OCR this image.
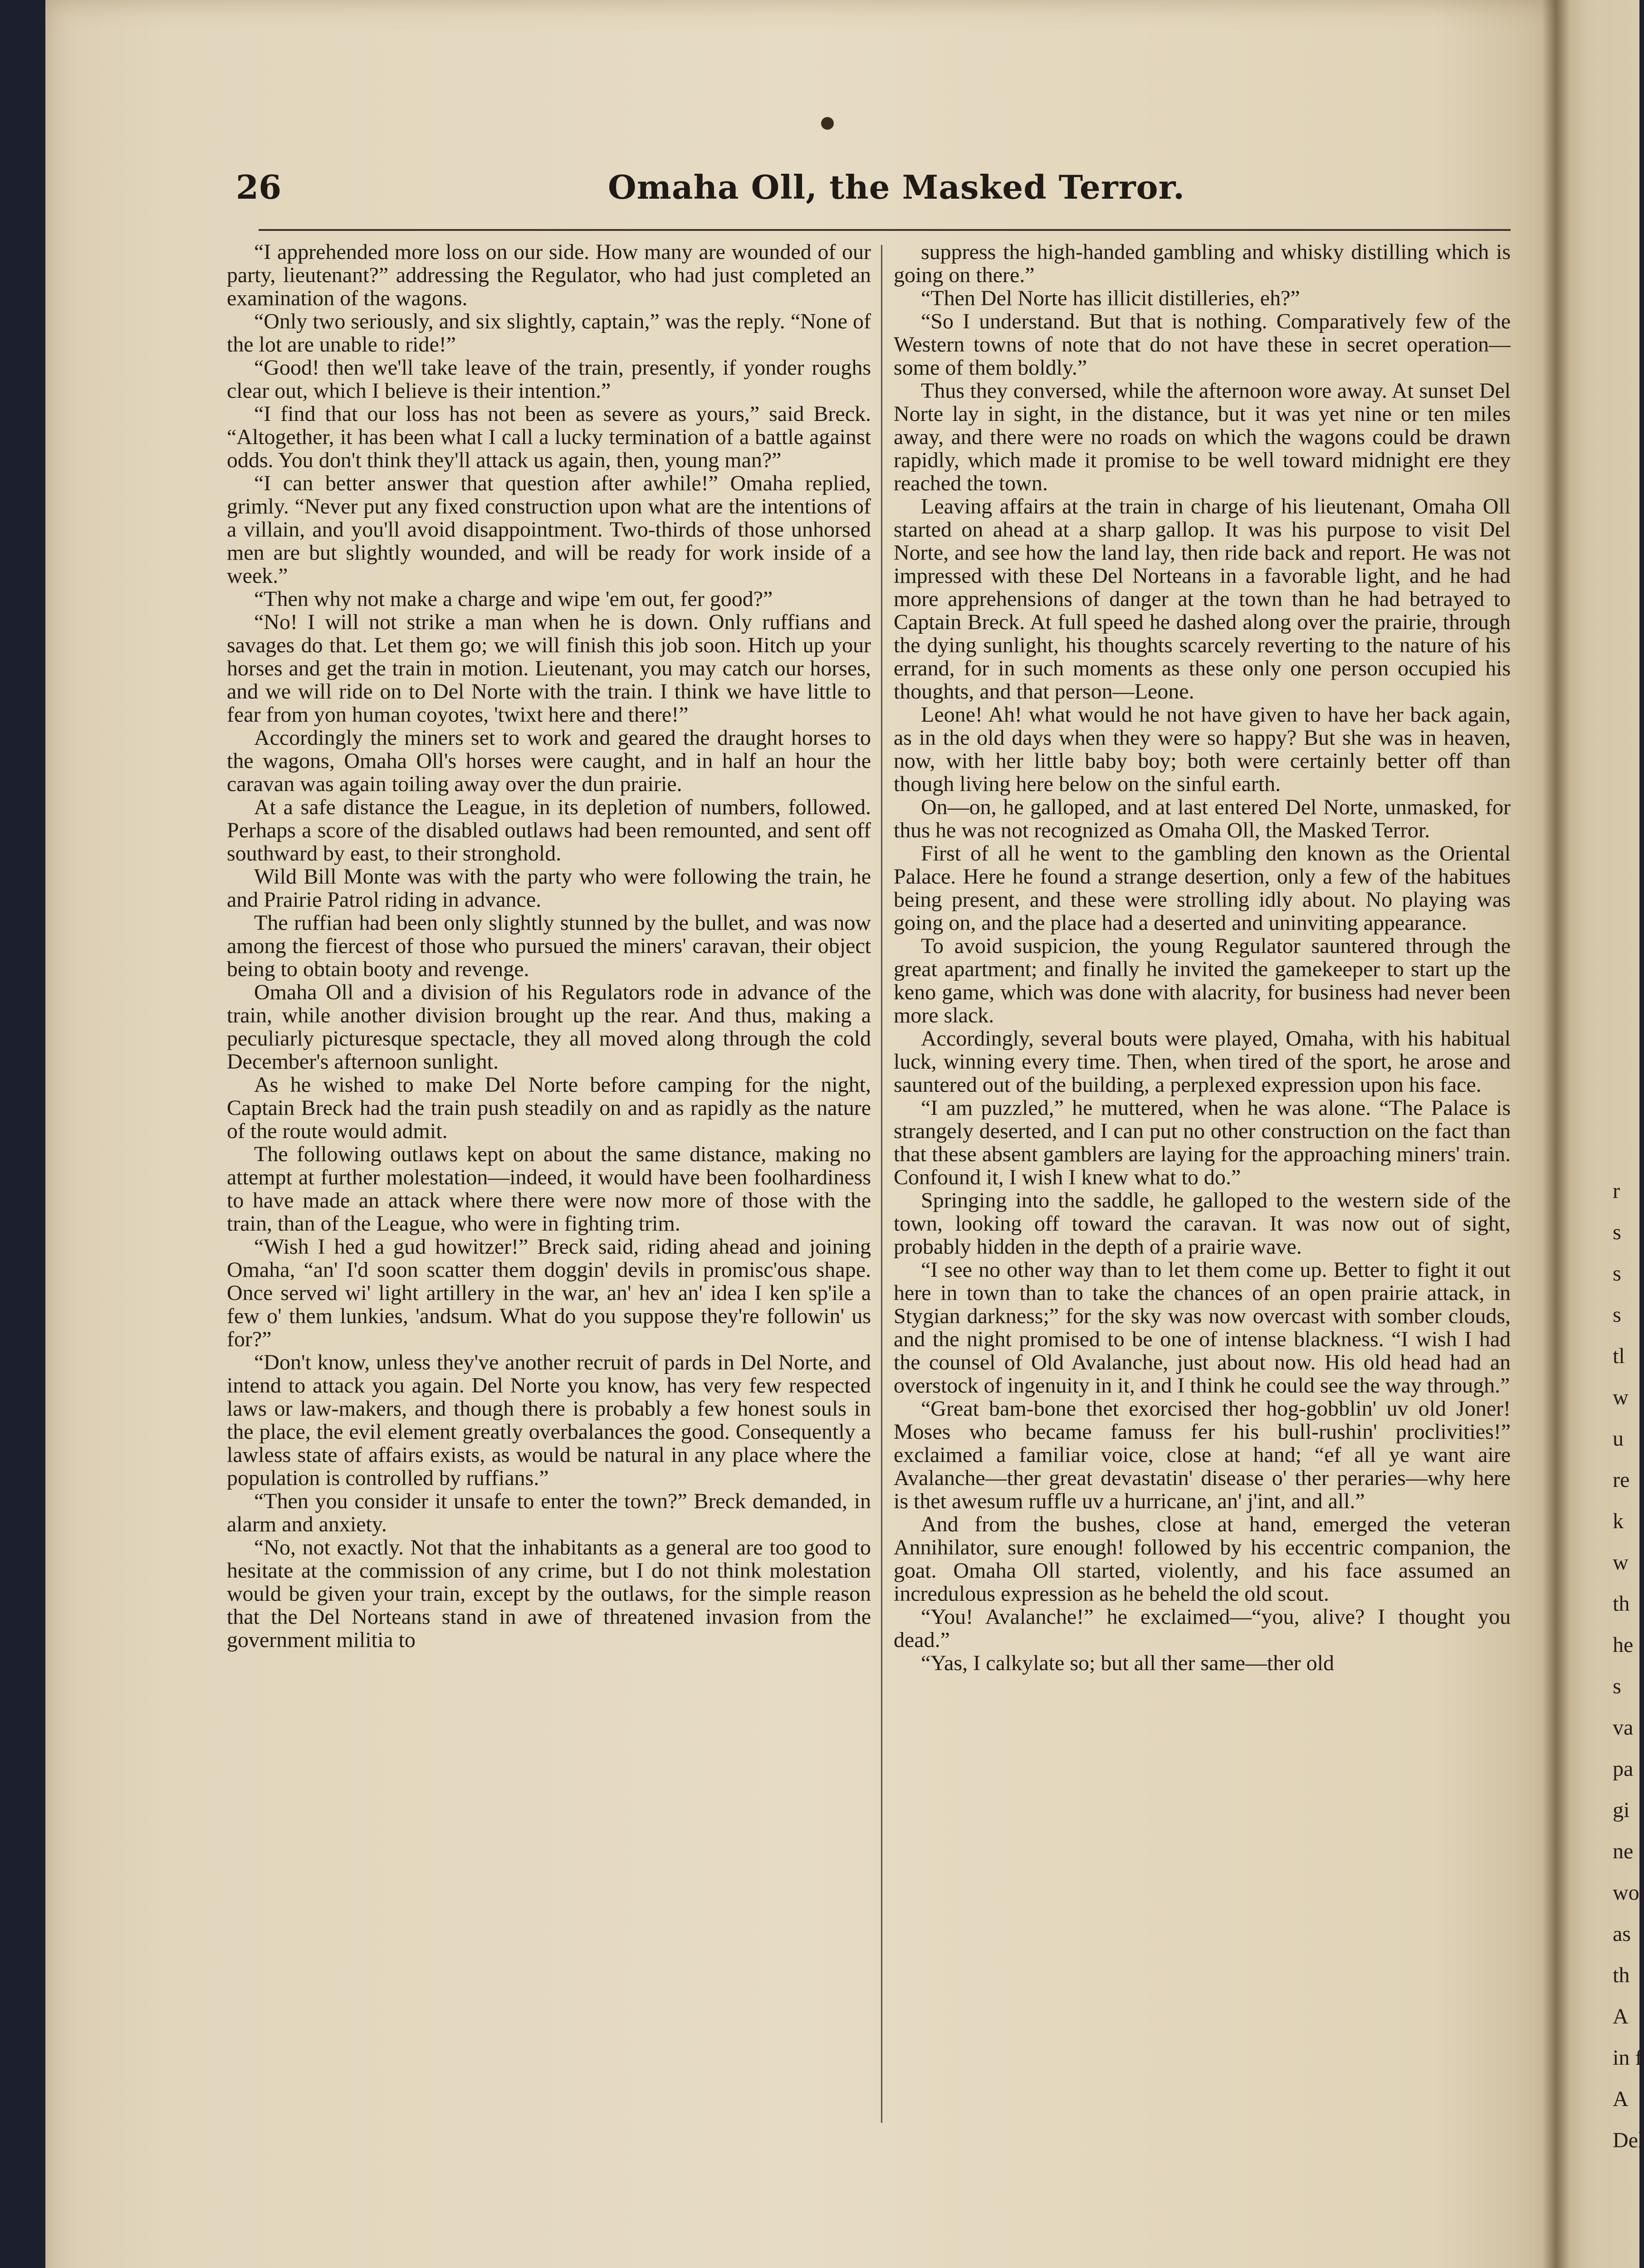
26	Omaha Oll, the Masked Terror.

“I apprehended more loss on our side. How many are wounded of our party, lieutenant?” addressing the Regulator, who had just completed an examination of the wagons.

“Only two seriously, and six slightly, captain,” was the reply. “None of the lot are unable to ride!”

“Good! then we'll take leave of the train, presently, if yonder roughs clear out, which I believe is their intention.”

“I find that our loss has not been as severe as yours,” said Breck. “Altogether, it has been what I call a lucky termination of a battle against odds. You don't think they'll attack us again, then, young man?”

“I can better answer that question after awhile!” Omaha replied, grimly. “Never put any fixed construction upon what are the intentions of a villain, and you'll avoid disappointment. Two-thirds of those unhorsed men are but slightly wounded, and will be ready for work inside of a week.”

“Then why not make a charge and wipe 'em out, fer good?”

“No! I will not strike a man when he is down. Only ruffians and savages do that. Let them go; we will finish this job soon. Hitch up your horses and get the train in motion. Lieutenant, you may catch our horses, and we will ride on to Del Norte with the train. I think we have little to fear from yon human coyotes, 'twixt here and there!”

Accordingly the miners set to work and geared the draught horses to the wagons, Omaha Oll's horses were caught, and in half an hour the caravan was again toiling away over the dun prairie.

At a safe distance the League, in its depletion of numbers, followed. Perhaps a score of the disabled outlaws had been remounted, and sent off southward by east, to their stronghold.

Wild Bill Monte was with the party who were following the train, he and Prairie Patrol riding in advance.

The ruffian had been only slightly stunned by the bullet, and was now among the fiercest of those who pursued the miners' caravan, their object being to obtain booty and revenge.

Omaha Oll and a division of his Regulators rode in advance of the train, while another division brought up the rear. And thus, making a peculiarly picturesque spectacle, they all moved along through the cold December's afternoon sunlight.

As he wished to make Del Norte before camping for the night, Captain Breck had the train push steadily on and as rapidly as the nature of the route would admit.

The following outlaws kept on about the same distance, making no attempt at further molestation—indeed, it would have been foolhardiness to have made an attack where there were now more of those with the train, than of the League, who were in fighting trim.

“Wish I hed a gud howitzer!” Breck said, riding ahead and joining Omaha, “an' I'd soon scatter them doggin' devils in promisc'ous shape. Once served wi' light artillery in the war, an' hev an' idea I ken sp'ile a few o' them lunkies, 'andsum. What do you suppose they're followin' us for?”

“Don't know, unless they've another recruit of pards in Del Norte, and intend to attack you again. Del Norte you know, has very few respected laws or law-makers, and though there is probably a few honest souls in the place, the evil element greatly overbalances the good. Consequently a lawless state of affairs exists, as would be natural in any place where the population is controlled by ruffians.”

“Then you consider it unsafe to enter the town?” Breck demanded, in alarm and anxiety.

“No, not exactly. Not that the inhabitants as a general are too good to hesitate at the commission of any crime, but I do not think molestation would be given your train, except by the outlaws, for the simple reason that the Del Norteans stand in awe of threatened invasion from the government militia to

suppress the high-handed gambling and whisky distilling which is going on there.”

“Then Del Norte has illicit distilleries, eh?”

“So I understand. But that is nothing. Comparatively few of the Western towns of note that do not have these in secret operation—some of them boldly.”

Thus they conversed, while the afternoon wore away. At sunset Del Norte lay in sight, in the distance, but it was yet nine or ten miles away, and there were no roads on which the wagons could be drawn rapidly, which made it promise to be well toward midnight ere they reached the town.

Leaving affairs at the train in charge of his lieutenant, Omaha Oll started on ahead at a sharp gallop. It was his purpose to visit Del Norte, and see how the land lay, then ride back and report. He was not impressed with these Del Norteans in a favorable light, and he had more apprehensions of danger at the town than he had betrayed to Captain Breck. At full speed he dashed along over the prairie, through the dying sunlight, his thoughts scarcely reverting to the nature of his errand, for in such moments as these only one person occupied his thoughts, and that person—Leone.

Leone! Ah! what would he not have given to have her back again, as in the old days when they were so happy? But she was in heaven, now, with her little baby boy; both were certainly better off than though living here below on the sinful earth.

On—on, he galloped, and at last entered Del Norte, unmasked, for thus he was not recognized as Omaha Oll, the Masked Terror.

First of all he went to the gambling den known as the Oriental Palace. Here he found a strange desertion, only a few of the habitues being present, and these were strolling idly about. No playing was going on, and the place had a deserted and uninviting appearance.

To avoid suspicion, the young Regulator sauntered through the great apartment; and finally he invited the gamekeeper to start up the keno game, which was done with alacrity, for business had never been more slack.

Accordingly, several bouts were played, Omaha, with his habitual luck, winning every time. Then, when tired of the sport, he arose and sauntered out of the building, a perplexed expression upon his face.

“I am puzzled,” he muttered, when he was alone. “The Palace is strangely deserted, and I can put no other construction on the fact than that these absent gamblers are laying for the approaching miners' train. Confound it, I wish I knew what to do.”

Springing into the saddle, he galloped to the western side of the town, looking off toward the caravan. It was now out of sight, probably hidden in the depth of a prairie wave.

“I see no other way than to let them come up. Better to fight it out here in town than to take the chances of an open prairie attack, in Stygian darkness;” for the sky was now overcast with somber clouds, and the night promised to be one of intense blackness. “I wish I had the counsel of Old Avalanche, just about now. His old head had an overstock of ingenuity in it, and I think he could see the way through.”

“Great bam-bone thet exorcised ther hog-gobblin' uv old Joner! Moses who became famuss fer his bull-rushin' proclivities!” exclaimed a familiar voice, close at hand; “ef all ye want aire Avalanche—ther great devastatin' disease o' ther peraries—why here is thet awesum ruffle uv a hurricane, an' j'int, and all.”

And from the bushes, close at hand, emerged the veteran Annihilator, sure enough! followed by his eccentric companion, the goat. Omaha Oll started, violently, and his face assumed an incredulous expression as he beheld the old scout.

“You! Avalanche!” he exclaimed—“you, alive? I thought you dead.”

“Yas, I calkylate so; but all ther same—ther old

r
s
s
s
tl
w
u
re
k
w
th
he
s
va
pa
gi
ne
wo
as
th
A
in f
A
Del
